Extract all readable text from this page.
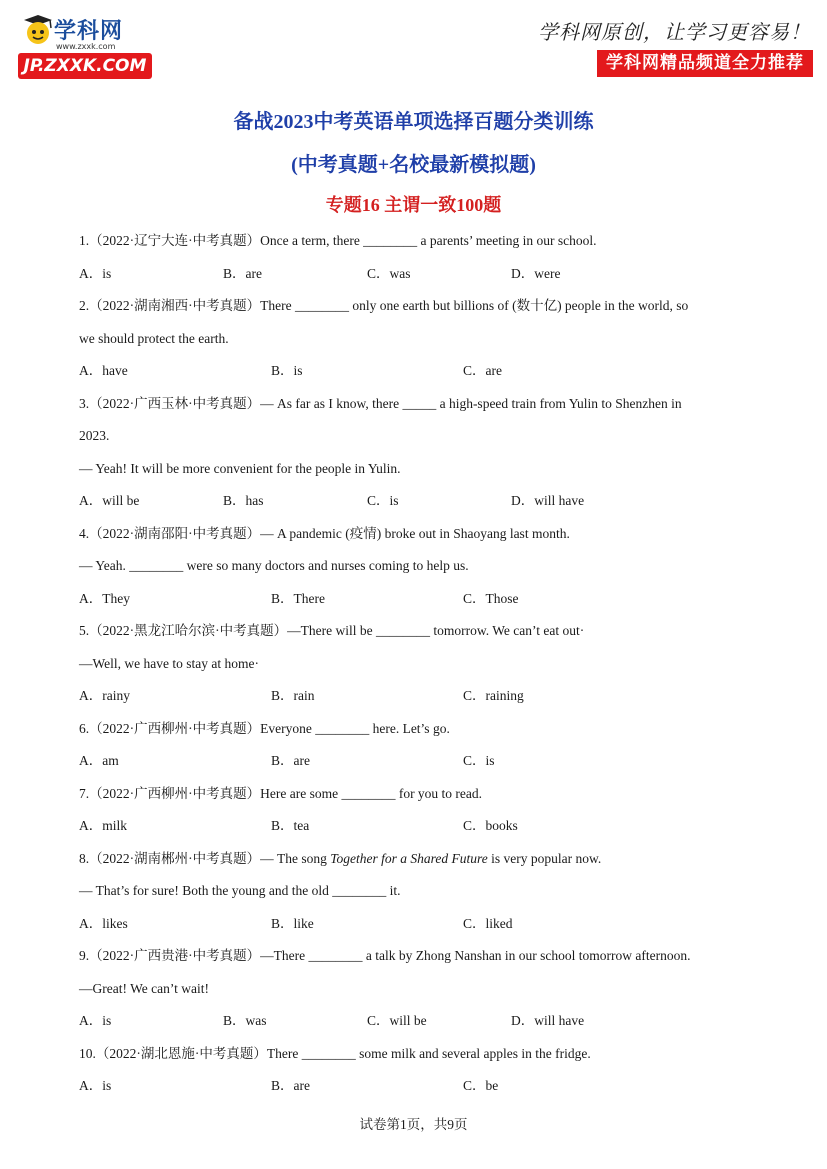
学科网
www.zxxk.com
JP.ZXXK.COM
学科网原创，让学习更容易！
学科网精品频道全力推荐
备战2023中考英语单项选择百题分类训练
(中考真题+名校最新模拟题)
专题16 主谓一致100题
1.（2022·辽宁大连·中考真题）Once a term, there ________ a parents’ meeting in our school.
A．is	B．are	C．was	D．were
2.（2022·湖南湘西·中考真题）There ________ only one earth but billions of (数十亿) people in the world, so
we should protect the earth.
A．have	B．is	C．are
3.（2022·广西玉林·中考真题）— As far as I know, there _____ a high-speed train from Yulin to Shenzhen in
2023.
— Yeah! It will be more convenient for the people in Yulin.
A．will be	B．has	C．is	D．will have
4.（2022·湖南邵阳·中考真题）— A pandemic (疫情) broke out in Shaoyang last month.
— Yeah. ________ were so many doctors and nurses coming to help us.
A．They	B．There	C．Those
5.（2022·黑龙江哈尔滨·中考真题）—There will be ________ tomorrow. We can’t eat out·
—Well, we have to stay at home·
A．rainy	B．rain	C．raining
6.（2022·广西柳州·中考真题）Everyone ________ here. Let’s go.
A．am	B．are	C．is
7.（2022·广西柳州·中考真题）Here are some ________ for you to read.
A．milk	B．tea	C．books
8.（2022·湖南郴州·中考真题）— The song Together for a Shared Future is very popular now.
— That’s for sure! Both the young and the old ________ it.
A．likes	B．like	C．liked
9.（2022·广西贵港·中考真题）—There ________ a talk by Zhong Nanshan in our school tomorrow afternoon.
—Great! We can’t wait!
A．is	B．was	C．will be	D．will have
10.（2022·湖北恩施·中考真题）There ________ some milk and several apples in the fridge.
A．is	B．are	C．be
试卷第1页，共9页
